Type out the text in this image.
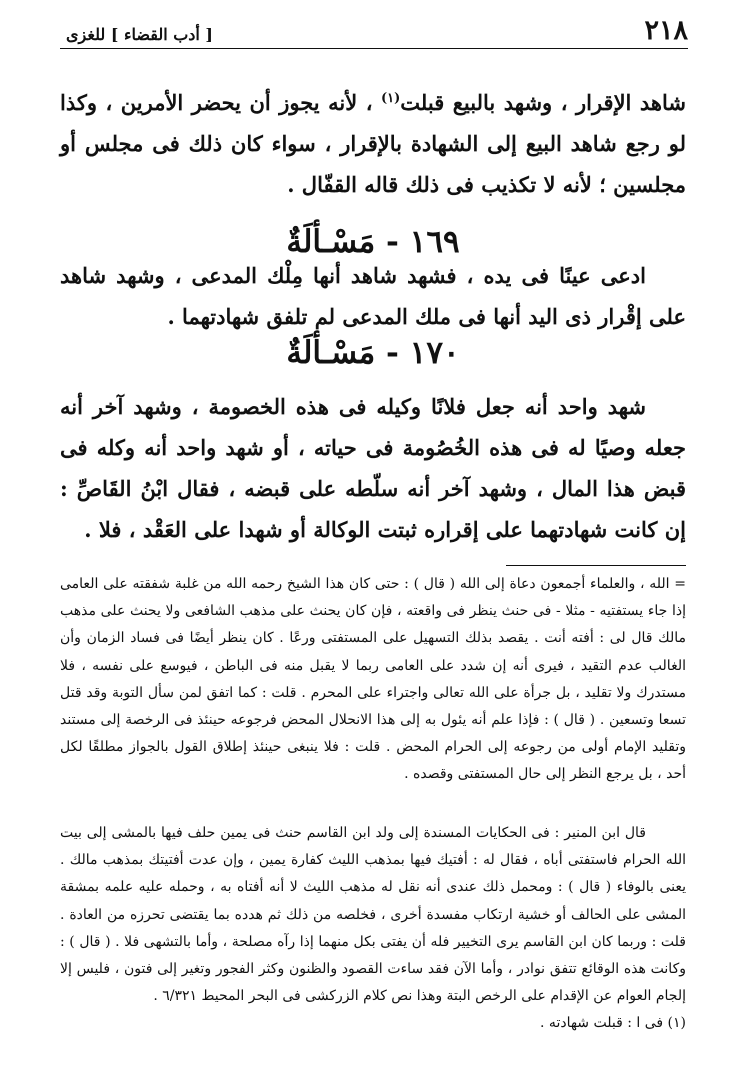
٢١٨
[ أدب القضاء ] للغزى

شاهد الإقرار ، وشهد بالبيع قبلت$^{(١)}$ ، لأنه يجوز أن يحضر الأمرين ، وكذا لو رجع شاهد البيع إلى الشهادة بالإقرار ، سواء كان ذلك فى مجلس أو مجلسين ؛ لأنه لا تكذيب فى ذلك قاله القفّال .

١٦٩ - مَسْـألَةٌ

ادعى عينًا فى يده ، فشهد شاهد أنها مِلْك المدعى ، وشهد شاهد على إقْرار ذى اليد أنها فى ملك المدعى لم تلفق شهادتهما .

١٧٠ - مَسْـألَةٌ

شهد واحد أنه جعل فلانًا وكيله فى هذه الخصومة ، وشهد آخر أنه جعله وصيًا له فى هذه الخُصُومة فى حياته ، أو شهد واحد أنه وكله فى قبض هذا المال ، وشهد آخر أنه سلّطه على قبضه ، فقال ابْنُ القَاصِّ : إن كانت شهادتهما على إقراره ثبتت الوكالة أو شهدا على العَقْد ، فلا .

= الله ، والعلماء أجمعون دعاة إلى الله ( قال ) : حتى كان هذا الشيخ رحمه الله من غلبة شفقته على العامى إذا جاء يستفتيه - مثلا - فى حنث ينظر فى واقعته ، فإن كان يحنث على مذهب الشافعى ولا يحنث على مذهب مالك قال لى : أفته أنت . يقصد بذلك التسهيل على المستفتى ورعًا . كان ينظر أيضًا فى فساد الزمان وأن الغالب عدم التقيد ، فيرى أنه إن شدد على العامى ربما لا يقبل منه فى الباطن ، فيوسع على نفسه ، فلا مستدرك ولا تقليد ، بل جرأة على الله تعالى واجتراء على المحرم . قلت : كما اتفق لمن سأل التوبة وقد قتل تسعا وتسعين . ( قال ) : فإذا علم أنه يئول به إلى هذا الانحلال المحض فرجوعه حينئذ فى الرخصة إلى مستند وتقليد الإمام أولى من رجوعه إلى الحرام المحض . قلت : فلا ينبغى حينئذ إطلاق القول بالجواز مطلقًا لكل أحد ، بل يرجع النظر إلى حال المستفتى وقصده .

قال ابن المنير : فى الحكايات المسندة إلى ولد ابن القاسم حنث فى يمين حلف فيها بالمشى إلى بيت الله الحرام فاستفتى أباه ، فقال له : أفتيك فيها بمذهب الليث كفارة يمين ، وإن عدت أفتيتك بمذهب مالك . يعنى بالوفاء ( قال ) : ومحمل ذلك عندى أنه نقل له مذهب الليث لا أنه أفتاه به ، وحمله عليه علمه بمشقة المشى على الحالف أو خشية ارتكاب مفسدة أخرى ، فخلصه من ذلك ثم هدده بما يقتضى تحرزه من العادة . قلت : وربما كان ابن القاسم يرى التخيير فله أن يفتى بكل منهما إذا رآه مصلحة ، وأما بالتشهى فلا . ( قال ) : وكانت هذه الوقائع تتفق نوادر ، وأما الآن فقد ساءت القصود والظنون وكثر الفجور وتغير إلى فتون ، فليس إلا إلجام العوام عن الإقدام على الرخص البتة وهذا نص كلام الزركشى فى البحر المحيط ٦/٣٢١ .

(١) فى ا : قبلت شهادته .
